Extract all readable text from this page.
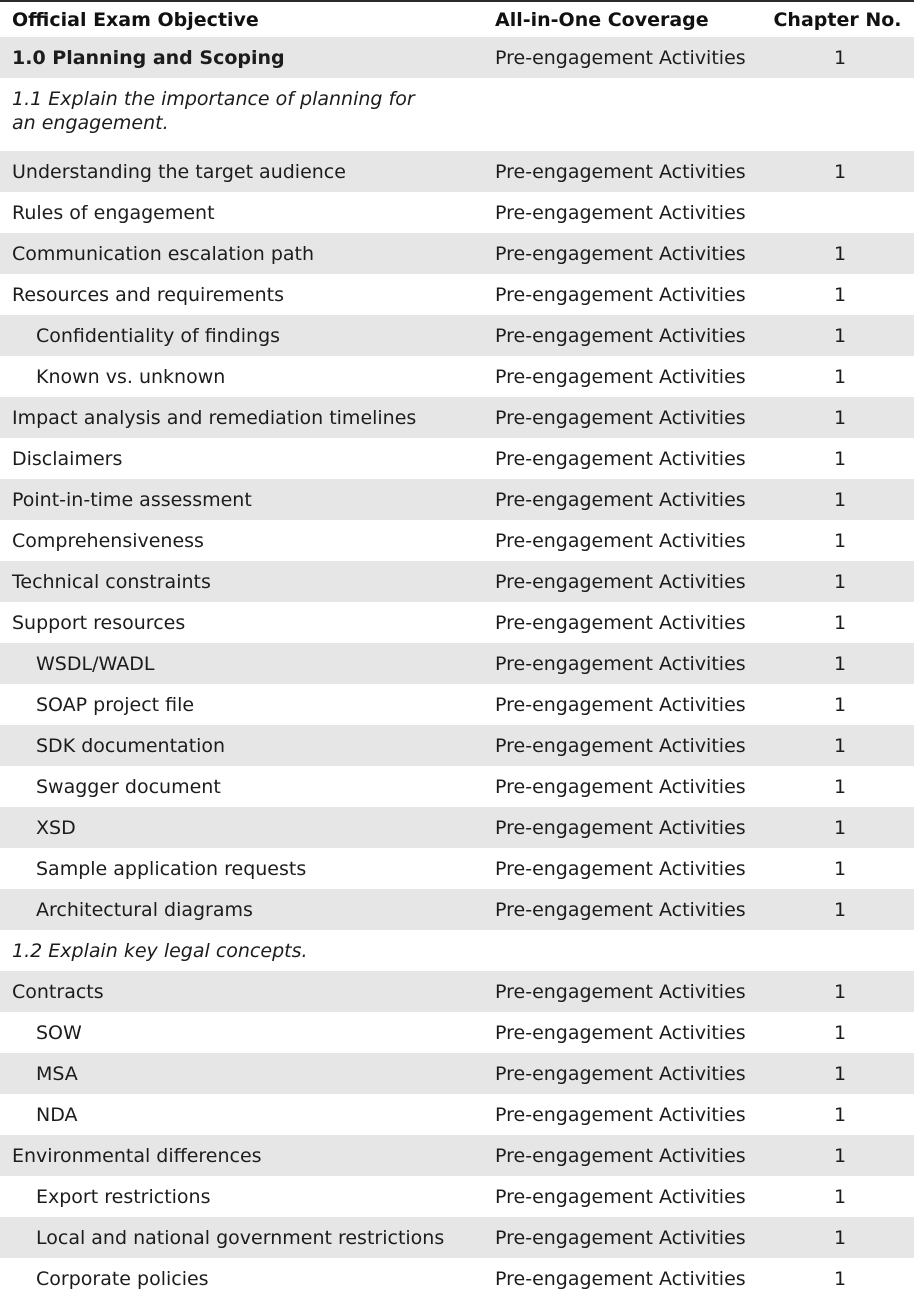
Official Exam Objective	All-in-One Coverage	Chapter No.
1.0 Planning and Scoping	Pre-engagement Activities	1
1.1 Explain the importance of planning for an engagement.		
Understanding the target audience	Pre-engagement Activities	1
Rules of engagement	Pre-engagement Activities	
Communication escalation path	Pre-engagement Activities	1
Resources and requirements	Pre-engagement Activities	1
Confidentiality of findings	Pre-engagement Activities	1
Known vs. unknown	Pre-engagement Activities	1
Impact analysis and remediation timelines	Pre-engagement Activities	1
Disclaimers	Pre-engagement Activities	1
Point-in-time assessment	Pre-engagement Activities	1
Comprehensiveness	Pre-engagement Activities	1
Technical constraints	Pre-engagement Activities	1
Support resources	Pre-engagement Activities	1
WSDL/WADL	Pre-engagement Activities	1
SOAP project file	Pre-engagement Activities	1
SDK documentation	Pre-engagement Activities	1
Swagger document	Pre-engagement Activities	1
XSD	Pre-engagement Activities	1
Sample application requests	Pre-engagement Activities	1
Architectural diagrams	Pre-engagement Activities	1
1.2 Explain key legal concepts.		
Contracts	Pre-engagement Activities	1
SOW	Pre-engagement Activities	1
MSA	Pre-engagement Activities	1
NDA	Pre-engagement Activities	1
Environmental differences	Pre-engagement Activities	1
Export restrictions	Pre-engagement Activities	1
Local and national government restrictions	Pre-engagement Activities	1
Corporate policies	Pre-engagement Activities	1
